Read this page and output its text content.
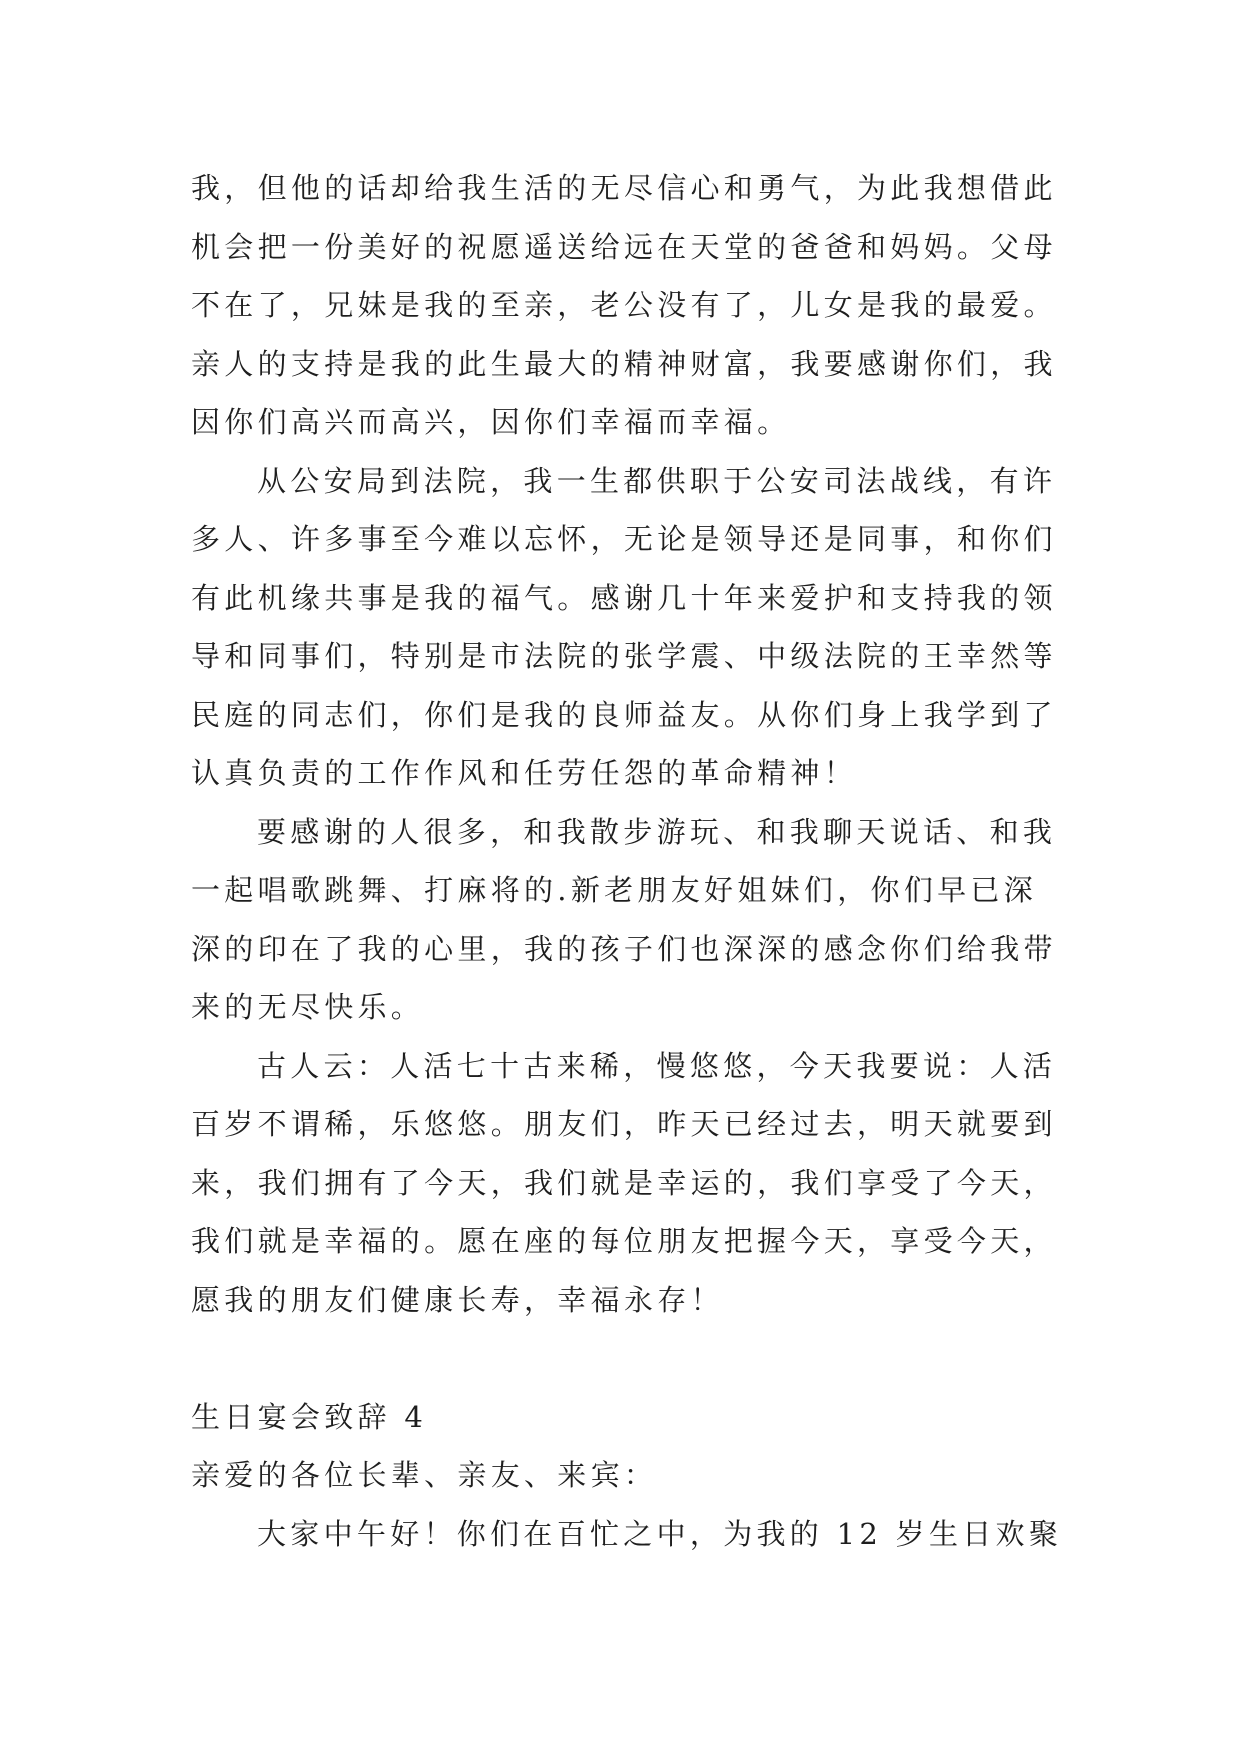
我，但他的话却给我生活的无尽信心和勇气，为此我想借此
机会把一份美好的祝愿遥送给远在天堂的爸爸和妈妈。父母
不在了，兄妹是我的至亲，老公没有了，儿女是我的最爱。
亲人的支持是我的此生最大的精神财富，我要感谢你们，我
因你们高兴而高兴，因你们幸福而幸福。
从公安局到法院，我一生都供职于公安司法战线，有许
多人、许多事至今难以忘怀，无论是领导还是同事，和你们
有此机缘共事是我的福气。感谢几十年来爱护和支持我的领
导和同事们，特别是市法院的张学震、中级法院的王幸然等
民庭的同志们，你们是我的良师益友。从你们身上我学到了
认真负责的工作作风和任劳任怨的革命精神！
要感谢的人很多，和我散步游玩、和我聊天说话、和我
一起唱歌跳舞、打麻将的.新老朋友好姐妹们，你们早已深
深的印在了我的心里，我的孩子们也深深的感念你们给我带
来的无尽快乐。
古人云：人活七十古来稀，慢悠悠，今天我要说：人活
百岁不谓稀，乐悠悠。朋友们，昨天已经过去，明天就要到
来，我们拥有了今天，我们就是幸运的，我们享受了今天，
我们就是幸福的。愿在座的每位朋友把握今天，享受今天，
愿我的朋友们健康长寿，幸福永存！
生日宴会致辞 4
亲爱的各位长辈、亲友、来宾：
大家中午好！你们在百忙之中，为我的 12 岁生日欢聚
